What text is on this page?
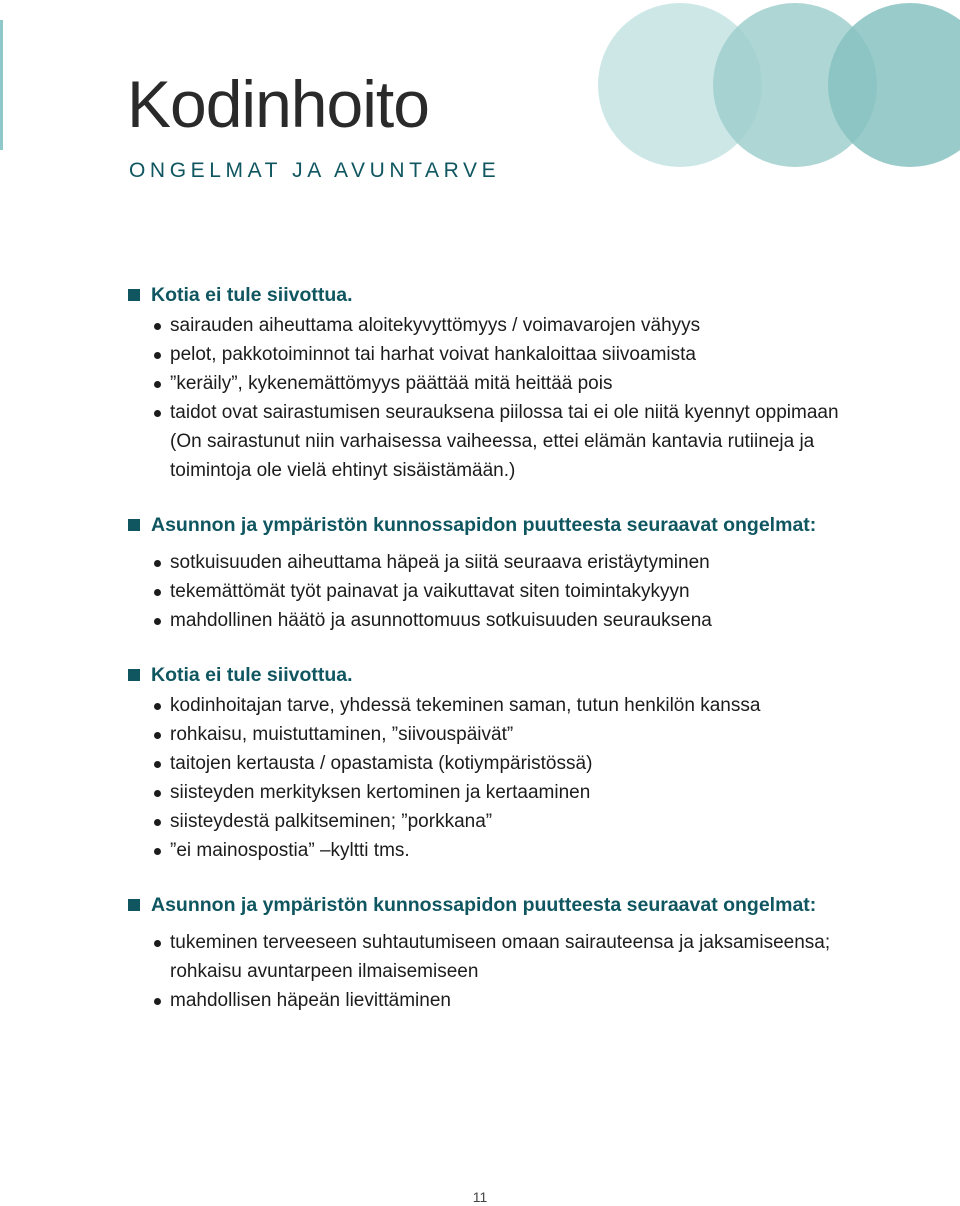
Kodinhoito
ONGELMAT JA AVUNTARVE
Kotia ei tule siivottua.
sairauden aiheuttama aloitekyvyttömyys / voimavarojen vähyys
pelot, pakkotoiminnot tai harhat voivat hankaloittaa siivoamista
”keräily”, kykenemättömyys päättää mitä heittää pois
taidot ovat sairastumisen seurauksena piilossa tai ei ole niitä kyennyt oppimaan (On sairastunut niin varhaisessa vaiheessa, ettei elämän kantavia rutiineja ja toimintoja ole vielä ehtinyt sisäistämään.)
Asunnon ja ympäristön kunnossapidon puutteesta seuraavat ongelmat:
sotkuisuuden aiheuttama häpeä ja siitä seuraava eristäytyminen
tekemättömät työt painavat ja vaikuttavat siten toimintakykyyn
mahdollinen häätö ja asunnottomuus sotkuisuuden seurauksena
Kotia ei tule siivottua.
kodinhoitajan tarve, yhdessä tekeminen saman, tutun henkilön kanssa
rohkaisu, muistuttaminen, ”siivouspäivät”
taitojen kertausta / opastamista (kotiympäristössä)
siisteyden merkityksen kertominen ja kertaaminen
siisteydestä palkitseminen; ”porkkana”
”ei mainospostia” –kyltti tms.
Asunnon ja ympäristön kunnossapidon puutteesta seuraavat ongelmat:
tukeminen terveeseen suhtautumiseen omaan sairauteensa ja jaksamiseensa; rohkaisu avuntarpeen ilmaisemiseen
mahdollisen häpeän lievittäminen
11
